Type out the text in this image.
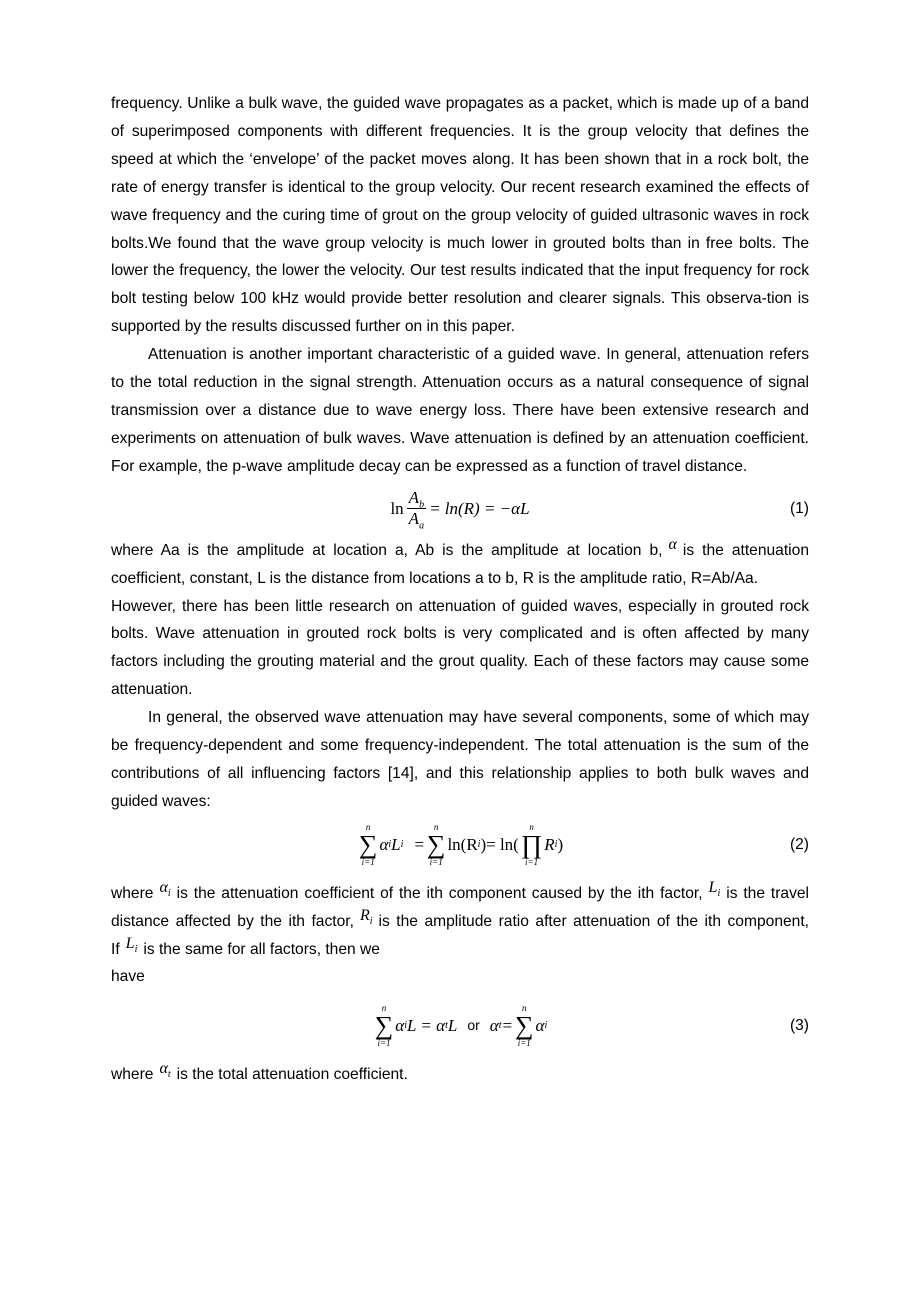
frequency. Unlike a bulk wave, the guided wave propagates as a packet, which is made up of a band of superimposed components with different frequencies. It is the group velocity that defines the speed at which the ‘envelope’ of the packet moves along. It has been shown that in a rock bolt, the rate of energy transfer is identical to the group velocity. Our recent research examined the effects of wave frequency and the curing time of grout on the group velocity of guided ultrasonic waves in rock bolts.We found that the wave group velocity is much lower in grouted bolts than in free bolts. The lower the frequency, the lower the velocity. Our test results indicated that the input frequency for rock bolt testing below 100 kHz would provide better resolution and clearer signals. This observa-tion is supported by the results discussed further on in this paper.

Attenuation is another important characteristic of a guided wave. In general, attenuation refers to the total reduction in the signal strength. Attenuation occurs as a natural consequence of signal transmission over a distance due to wave energy loss. There have been extensive research and experiments on attenuation of bulk waves. Wave attenuation is defined by an attenuation coefficient. For example, the p-wave amplitude decay can be expressed as a function of travel distance.

$\ln \frac{A_b}{A_a} = \ln(R) = -\alpha L$	(1)

where Aa is the amplitude at location a, Ab is the amplitude at location b, α is the attenuation coefficient, constant, L is the distance from locations a to b, R is the amplitude ratio, R=Ab/Aa.

However, there has been little research on attenuation of guided waves, especially in grouted rock bolts. Wave attenuation in grouted rock bolts is very complicated and is often affected by many factors including the grouting material and the grout quality. Each of these factors may cause some attenuation.

In general, the observed wave attenuation may have several components, some of which may be frequency-dependent and some frequency-independent. The total attenuation is the sum of the contributions of all influencing factors [14], and this relationship applies to both bulk waves and guided waves:

n
∑
i=1
α i L i =
n
∑
i=1
ln(R i ) = ln(
n
∏
i=1
R i )	(2)

where $\alpha_i$ is the attenuation coefficient of the ith component caused by the ith factor, $L_i$ is the travel distance affected by the ith factor, $R_i$ is the amplitude ratio after attenuation of the ith component, If $L_i$ is the same for all factors, then we
have

n
∑
i=1
α i L = α t L or α t =
n
∑
i=1
α i	(3)

where $\alpha_t$ is the total attenuation coefficient.
